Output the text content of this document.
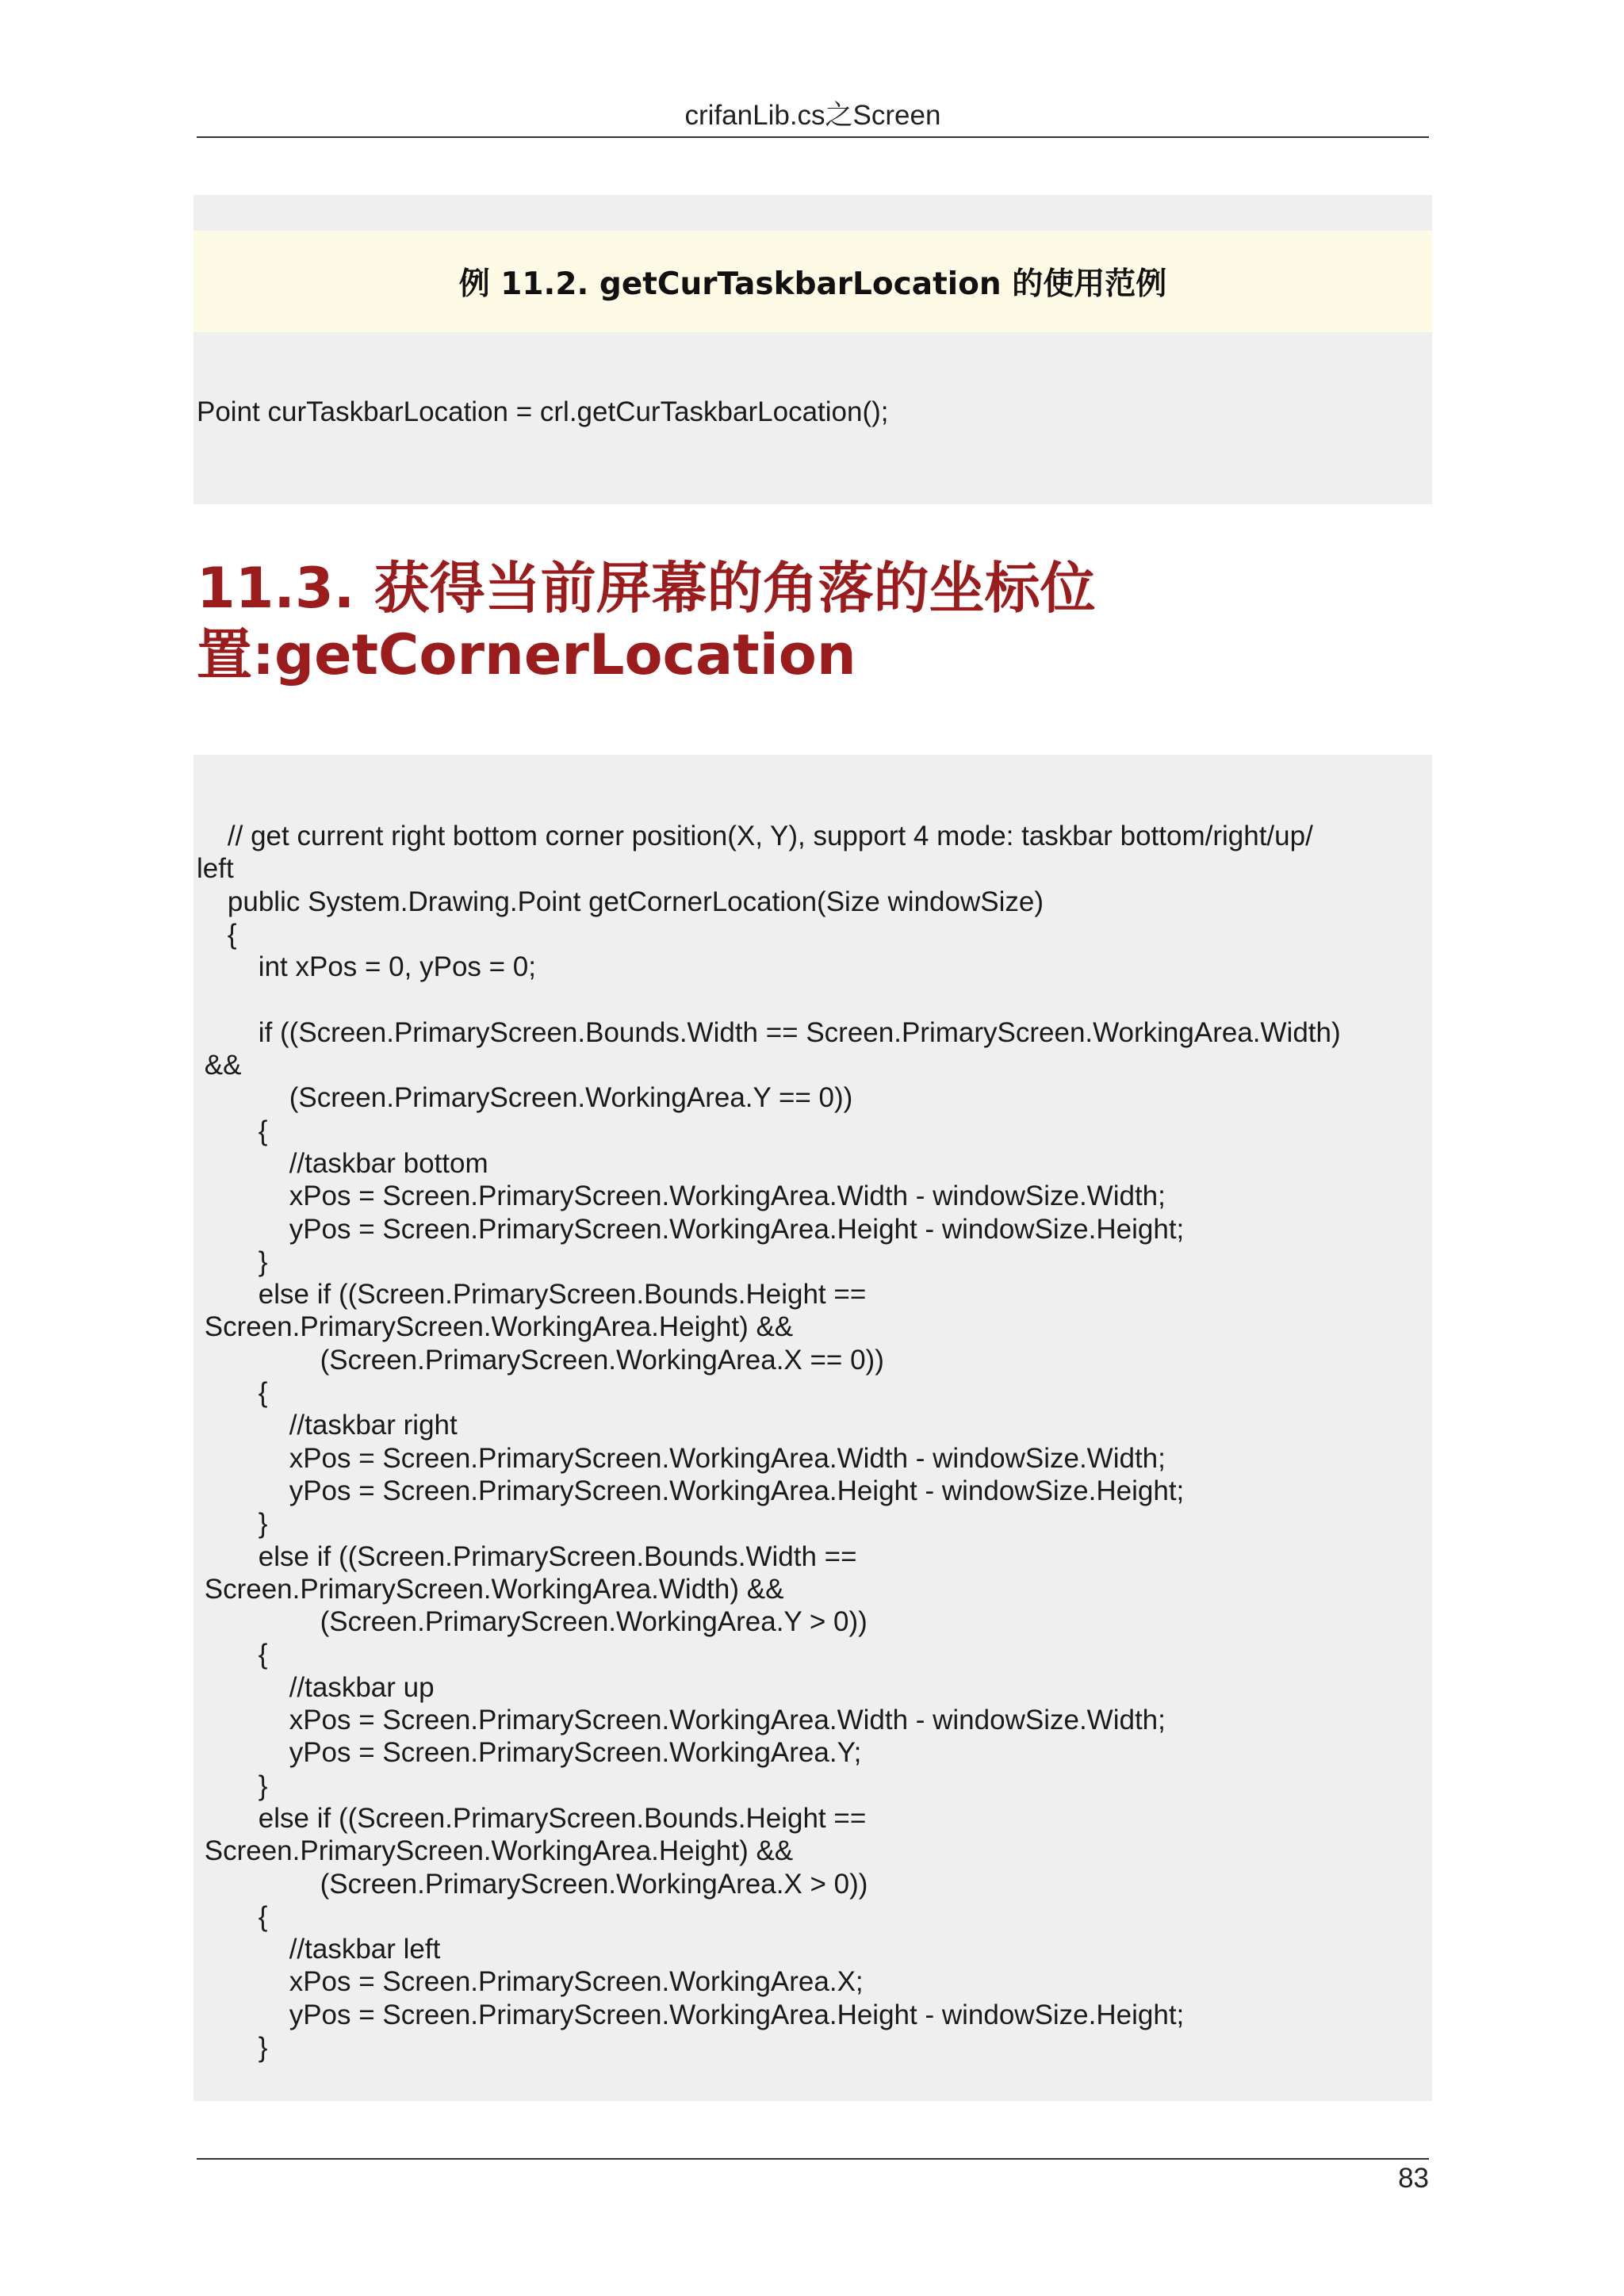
crifanLib.cs之Screen
例 11.2. getCurTaskbarLocation 的使用范例
Point curTaskbarLocation = crl.getCurTaskbarLocation();
11.3. 获得当前屏幕的角落的坐标位置:getCornerLocation
// get current right bottom corner position(X, Y), support 4 mode: taskbar bottom/right/up/
left
public System.Drawing.Point getCornerLocation(Size windowSize)
{
int xPos = 0, yPos = 0;

if ((Screen.PrimaryScreen.Bounds.Width == Screen.PrimaryScreen.WorkingArea.Width)
&&
(Screen.PrimaryScreen.WorkingArea.Y == 0))
{
//taskbar bottom
xPos = Screen.PrimaryScreen.WorkingArea.Width - windowSize.Width;
yPos = Screen.PrimaryScreen.WorkingArea.Height - windowSize.Height;
}
else if ((Screen.PrimaryScreen.Bounds.Height ==
Screen.PrimaryScreen.WorkingArea.Height) &&
(Screen.PrimaryScreen.WorkingArea.X == 0))
{
//taskbar right
xPos = Screen.PrimaryScreen.WorkingArea.Width - windowSize.Width;
yPos = Screen.PrimaryScreen.WorkingArea.Height - windowSize.Height;
}
else if ((Screen.PrimaryScreen.Bounds.Width ==
Screen.PrimaryScreen.WorkingArea.Width) &&
(Screen.PrimaryScreen.WorkingArea.Y > 0))
{
//taskbar up
xPos = Screen.PrimaryScreen.WorkingArea.Width - windowSize.Width;
yPos = Screen.PrimaryScreen.WorkingArea.Y;
}
else if ((Screen.PrimaryScreen.Bounds.Height ==
Screen.PrimaryScreen.WorkingArea.Height) &&
(Screen.PrimaryScreen.WorkingArea.X > 0))
{
//taskbar left
xPos = Screen.PrimaryScreen.WorkingArea.X;
yPos = Screen.PrimaryScreen.WorkingArea.Height - windowSize.Height;
}

83
